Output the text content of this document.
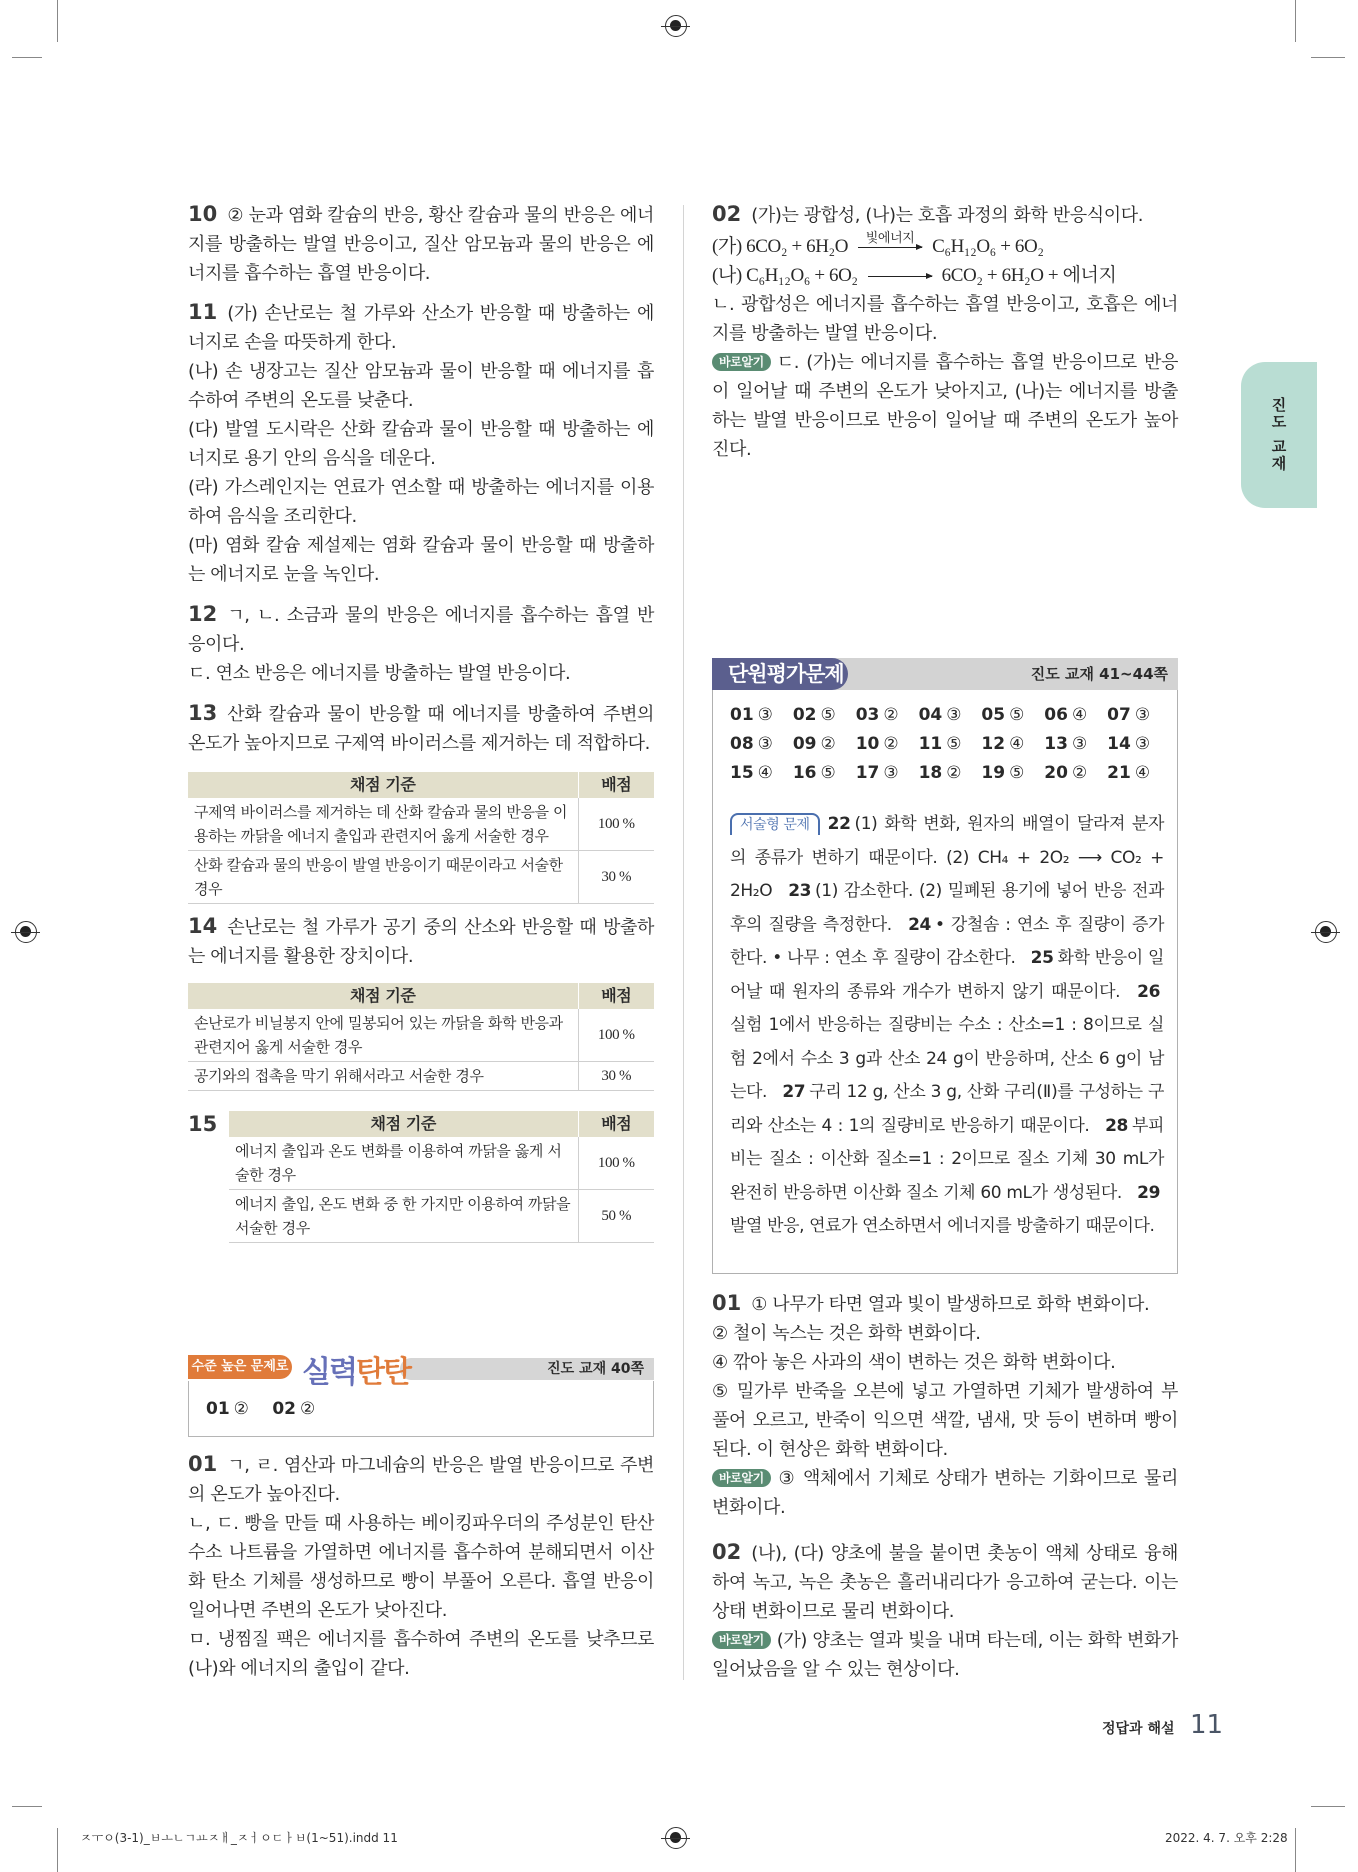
진도 교재
10 ② 눈과 염화 칼슘의 반응, 황산 칼슘과 물의 반응은 에너지를 방출하는 발열 반응이고, 질산 암모늄과 물의 반응은 에너지를 흡수하는 흡열 반응이다.
11 (가) 손난로는 철 가루와 산소가 반응할 때 방출하는 에너지로 손을 따뜻하게 한다.
(나) 손 냉장고는 질산 암모늄과 물이 반응할 때 에너지를 흡수하여 주변의 온도를 낮춘다.
(다) 발열 도시락은 산화 칼슘과 물이 반응할 때 방출하는 에너지로 용기 안의 음식을 데운다.
(라) 가스레인지는 연료가 연소할 때 방출하는 에너지를 이용하여 음식을 조리한다.
(마) 염화 칼슘 제설제는 염화 칼슘과 물이 반응할 때 방출하는 에너지로 눈을 녹인다.
12 ㄱ, ㄴ. 소금과 물의 반응은 에너지를 흡수하는 흡열 반응이다.
ㄷ. 연소 반응은 에너지를 방출하는 발열 반응이다.
13 산화 칼슘과 물이 반응할 때 에너지를 방출하여 주변의 온도가 높아지므로 구제역 바이러스를 제거하는 데 적합하다.
채점 기준	배점
구제역 바이러스를 제거하는 데 산화 칼슘과 물의 반응을 이용하는 까닭을 에너지 출입과 관련지어 옳게 서술한 경우	100 %
산화 칼슘과 물의 반응이 발열 반응이기 때문이라고 서술한 경우	30 %
14 손난로는 철 가루가 공기 중의 산소와 반응할 때 방출하는 에너지를 활용한 장치이다.
채점 기준	배점
손난로가 비닐봉지 안에 밀봉되어 있는 까닭을 화학 반응과 관련지어 옳게 서술한 경우	100 %
공기와의 접촉을 막기 위해서라고 서술한 경우	30 %
15	채점 기준	배점
에너지 출입과 온도 변화를 이용하여 까닭을 옳게 서술한 경우	100 %
에너지 출입, 온도 변화 중 한 가지만 이용하여 까닭을 서술한 경우	50 %
진도 교재 40쪽
수준 높은 문제로 실력탄탄
01 ② 02 ②
01 ㄱ, ㄹ. 염산과 마그네슘의 반응은 발열 반응이므로 주변의 온도가 높아진다.
ㄴ, ㄷ. 빵을 만들 때 사용하는 베이킹파우더의 주성분인 탄산수소 나트륨을 가열하면 에너지를 흡수하여 분해되면서 이산화 탄소 기체를 생성하므로 빵이 부풀어 오른다. 흡열 반응이 일어나면 주변의 온도가 낮아진다.
ㅁ. 냉찜질 팩은 에너지를 흡수하여 주변의 온도를 낮추므로 (나)와 에너지의 출입이 같다.
02 (가)는 광합성, (나)는 호흡 과정의 화학 반응식이다.
(가) 6CO₂ + 6H₂O	빛에너지 C₆H₁₂O₆ + 6O₂
(나) C₆H₁₂O₆ + 6O₂	6CO₂ + 6H₂O + 에너지
ㄴ. 광합성은 에너지를 흡수하는 흡열 반응이고, 호흡은 에너지를 방출하는 발열 반응이다.
바로알기 ㄷ. (가)는 에너지를 흡수하는 흡열 반응이므로 반응이 일어날 때 주변의 온도가 낮아지고, (나)는 에너지를 방출하는 발열 반응이므로 반응이 일어날 때 주변의 온도가 높아진다.
단원평가문제	진도 교재 41~44쪽
01 ③	02 ⑤	03 ②	04 ③	05 ⑤	06 ④	07 ③
08 ③	09 ②	10 ②	11 ⑤	12 ④	13 ③	14 ③
15 ④	16 ⑤	17 ③	18 ②	19 ⑤	20 ②	21 ④
서술형 문제 22 (1) 화학 변화, 원자의 배열이 달라져 분자의 종류가 변하기 때문이다. (2) CH₄ + 2O₂ ⟶ CO₂ + 2H₂O 23 (1) 감소한다. (2) 밀폐된 용기에 넣어 반응 전과 후의 질량을 측정한다. 24 • 강철솜 : 연소 후 질량이 증가한다. • 나무 : 연소 후 질량이 감소한다. 25 화학 반응이 일어날 때 원자의 종류와 개수가 변하지 않기 때문이다. 26실험 1에서 반응하는 질량비는 수소 : 산소=1 : 8이므로 실험 2에서 수소 3 g과 산소 24 g이 반응하며, 산소 6 g이 남는다. 27 구리 12 g, 산소 3 g, 산화 구리(Ⅱ)를 구성하는 구리와 산소는 4 : 1의 질량비로 반응하기 때문이다. 28 부피비는 질소 : 이산화 질소=1 : 2이므로 질소 기체 30 mL가 완전히 반응하면 이산화 질소 기체 60 mL가 생성된다. 29발열 반응, 연료가 연소하면서 에너지를 방출하기 때문이다.
01 ① 나무가 타면 열과 빛이 발생하므로 화학 변화이다.
② 철이 녹스는 것은 화학 변화이다.
④ 깎아 놓은 사과의 색이 변하는 것은 화학 변화이다.
⑤ 밀가루 반죽을 오븐에 넣고 가열하면 기체가 발생하여 부풀어 오르고, 반죽이 익으면 색깔, 냄새, 맛 등이 변하며 빵이 된다. 이 현상은 화학 변화이다.
바로알기 ③ 액체에서 기체로 상태가 변하는 기화이므로 물리 변화이다.
02 (나), (다) 양초에 불을 붙이면 촛농이 액체 상태로 융해하여 녹고, 녹은 촛농은 흘러내리다가 응고하여 굳는다. 이는 상태 변화이므로 물리 변화이다.
바로알기 (가) 양초는 열과 빛을 내며 타는데, 이는 화학 변화가 일어났음을 알 수 있는 현상이다.
정답과 해설 11
ㅈㅜㅇ(3-1)_ㅂㅗㄴㄱㅛㅈㅐ_ㅈㅓㅇㄷㅏㅂ(1~51).indd 11	2022. 4. 7. 오후 2:28
